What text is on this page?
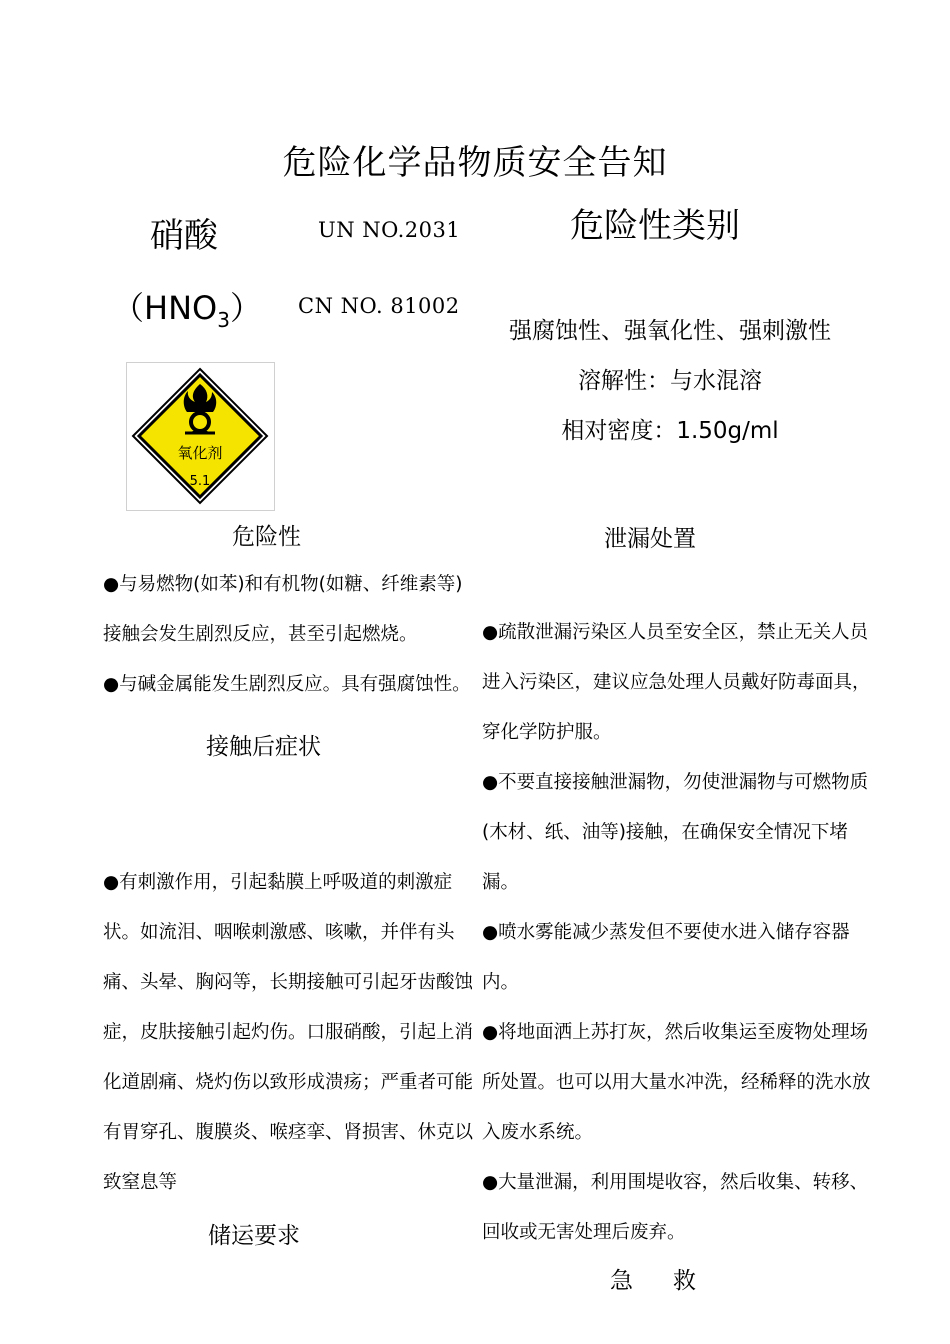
危险化学品物质安全告知
硝酸
$(HNO_3)$
UN NO.2031
CN NO. 81002
氧化剂
5.1
危险性类别
强腐蚀性、强氧化性、强刺激性
溶解性：与水混溶
相对密度：1.50g/ml
危险性	泄漏处置

●与易燃物(如苯)和有机物(如糖、纤维素等)接触会发生剧烈反应，甚至引起燃烧。

●与碱金属能发生剧烈反应。具有强腐蚀性。

接触后症状

●有刺激作用，引起黏膜上呼吸道的刺激症状。如流泪、咽喉刺激感、咳嗽，并伴有头痛、头晕、胸闷等，长期接触可引起牙齿酸蚀症，皮肤接触引起灼伤。口服硝酸，引起上消化道剧痛、烧灼伤以致形成溃疡；严重者可能有胃穿孔、腹膜炎、喉痉挛、肾损害、休克以致窒息等

储运要求

●疏散泄漏污染区人员至安全区，禁止无关人员进入污染区，建议应急处理人员戴好防毒面具，穿化学防护服。

●不要直接接触泄漏物，勿使泄漏物与可燃物质(木材、纸、油等)接触，在确保安全情况下堵漏。

●喷水雾能减少蒸发但不要使水进入储存容器内。

●将地面洒上苏打灰，然后收集运至废物处理场所处置。也可以用大量水冲洗，经稀释的洗水放入废水系统。

●大量泄漏，利用围堤收容，然后收集、转移、回收或无害处理后废弃。

急救
